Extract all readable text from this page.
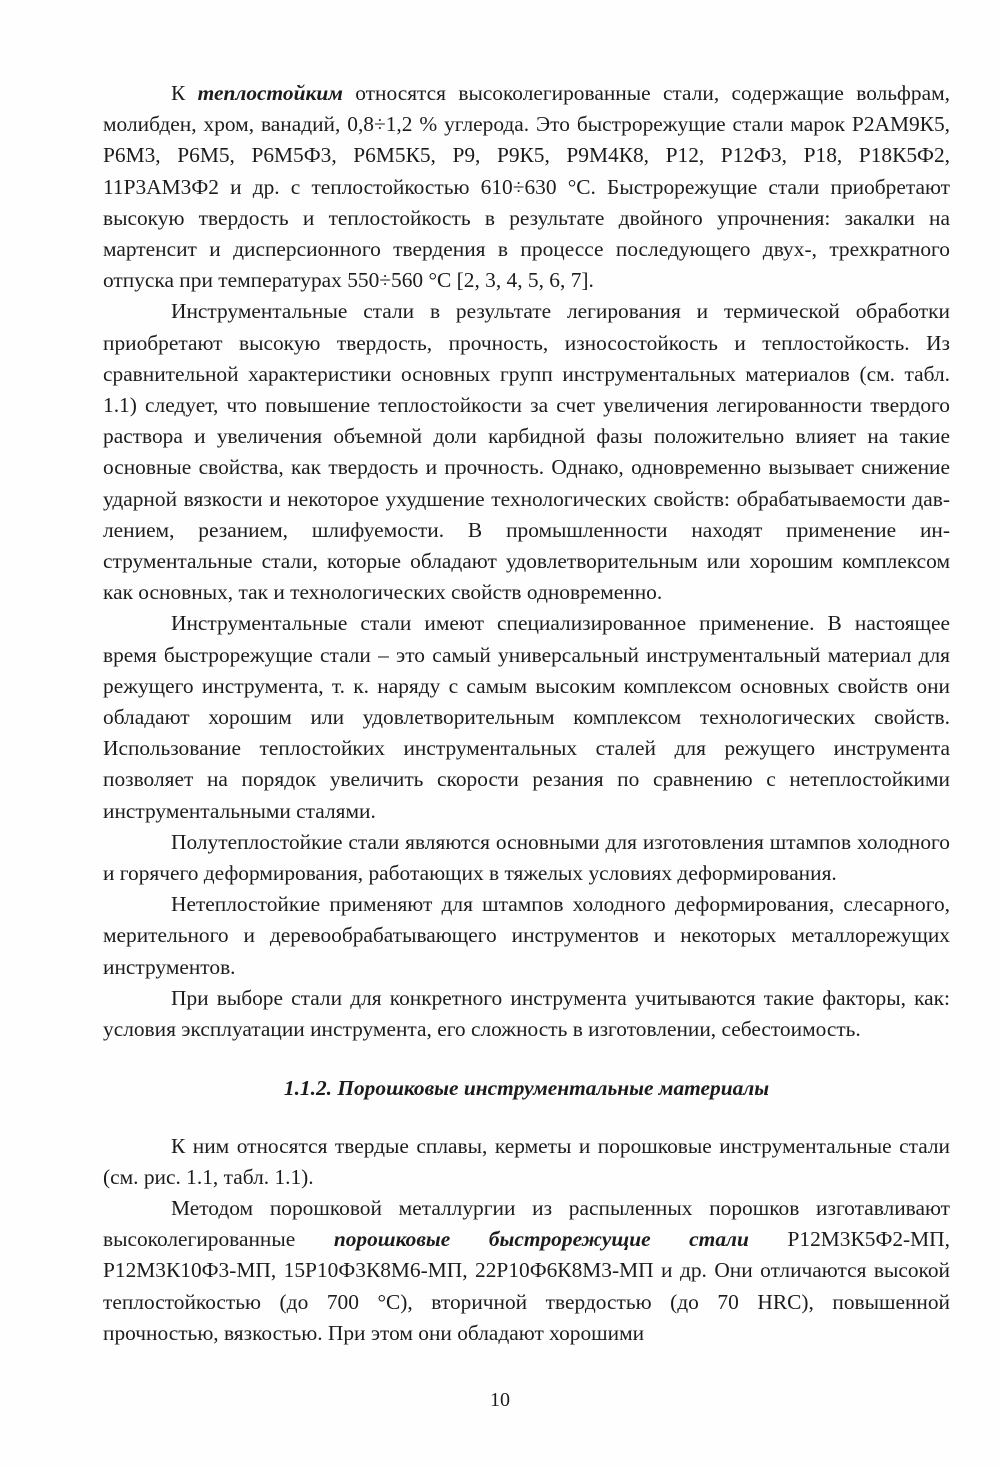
К теплостойким относятся высоколегированные стали, содержащие вольфрам, молибден, хром, ванадий, 0,8÷1,2 % углерода. Это быстрорежущие стали марок Р2АМ9К5, Р6М3, Р6М5, Р6М5Ф3, Р6М5К5, Р9, Р9К5, Р9М4К8, Р12, Р12Ф3, Р18, Р18К5Ф2, 11Р3АМ3Ф2 и др. с теплостойкостью 610÷630 °С. Быстрорежущие стали приобретают высокую твердость и теплостойкость в результате двойного упрочнения: закалки на мартенсит и дисперсионного твердения в процессе последующего двух-, трехкратного отпуска при температурах 550÷560 °С [2, 3, 4, 5, 6, 7].

Инструментальные стали в результате легирования и термической обработки приобретают высокую твердость, прочность, износостойкость и теплостойкость. Из сравнительной характеристики основных групп инструментальных материалов (см. табл. 1.1) следует, что повышение теплостойкости за счет увеличения легированности твердого раствора и увеличения объемной доли карбидной фазы положительно влияет на такие основные свойства, как твердость и прочность. Однако, одновременно вызывает снижение ударной вязкости и некоторое ухудшение технологических свойств: обрабатываемости давлением, резанием, шлифуемости. В промышленности находят применение инструментальные стали, которые обладают удовлетворительным или хорошим комплексом как основных, так и технологических свойств одновременно.

Инструментальные стали имеют специализированное применение. В настоящее время быстрорежущие стали – это самый универсальный инструментальный материал для режущего инструмента, т. к. наряду с самым высоким комплексом основных свойств они обладают хорошим или удовлетворительным комплексом технологических свойств. Использование теплостойких инструментальных сталей для режущего инструмента позволяет на порядок увеличить скорости резания по сравнению с нетеплостойкими инструментальными сталями.

Полутеплостойкие стали являются основными для изготовления штампов холодного и горячего деформирования, работающих в тяжелых условиях деформирования.

Нетеплостойкие применяют для штампов холодного деформирования, слесарного, мерительного и деревообрабатывающего инструментов и некоторых металлорежущих инструментов.

При выборе стали для конкретного инструмента учитываются такие факторы, как: условия эксплуатации инструмента, его сложность в изготовлении, себестоимость.

1.1.2. Порошковые инструментальные материалы

К ним относятся твердые сплавы, керметы и порошковые инструментальные стали (см. рис. 1.1, табл. 1.1).

Методом порошковой металлургии из распыленных порошков изготавливают высоколегированные порошковые быстрорежущие стали Р12М3К5Ф2-МП, Р12М3К10Ф3-МП, 15Р10Ф3К8М6-МП, 22Р10Ф6К8М3-МП и др. Они отличаются высокой теплостойкостью (до 700 °С), вторичной твердостью (до 70 HRC), повышенной прочностью, вязкостью. При этом они обладают хорошими

10
